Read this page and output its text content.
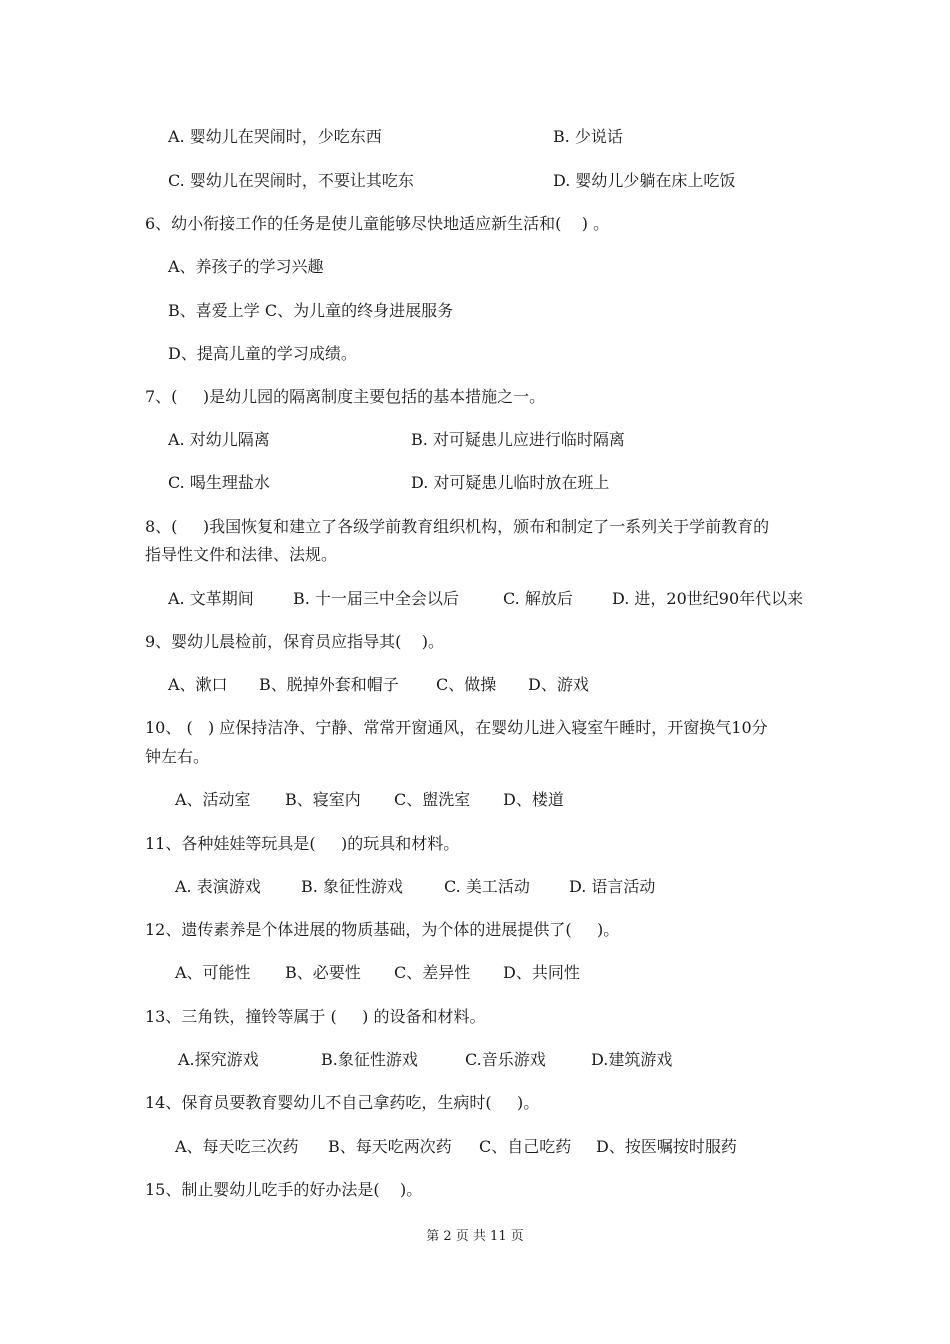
A. 婴幼儿在哭闹时，少吃东西	B. 少说话
C. 婴幼儿在哭闹时，不要让其吃东	D. 婴幼儿少躺在床上吃饭
6、幼小衔接工作的任务是使儿童能够尽快地适应新生活和(    ) 。
A、养孩子的学习兴趣
B、喜爱上学 C、为儿童的终身进展服务
D、提高儿童的学习成绩。
7、(     )是幼儿园的隔离制度主要包括的基本措施之一。
A. 对幼儿隔离	B. 对可疑患儿应进行临时隔离
C. 喝生理盐水	D. 对可疑患儿临时放在班上
8、(     )我国恢复和建立了各级学前教育组织机构，颁布和制定了一系列关于学前教育的
指导性文件和法律、法规。
A. 文革期间 B. 十一届三中全会以后	C. 解放后 D. 进，20世纪90年代以来
9、婴幼儿晨检前，保育员应指导其(    )。
A、漱口 B、脱掉外套和帽子 C、做操 D、游戏
10、 (   ) 应保持洁净、宁静、常常开窗通风，在婴幼儿进入寝室午睡时，开窗换气10分
钟左右。
A、活动室 B、寝室内 C、盥洗室 D、楼道
11、各种娃娃等玩具是(     )的玩具和材料。
A. 表演游戏	B. 象征性游戏	C. 美工活动 D. 语言活动
12、遗传素养是个体进展的物质基础，为个体的进展提供了(     )。
A、可能性 B、必要性 C、差异性 D、共同性
13、三角铁，撞铃等属于 (     ) 的设备和材料。
A.探究游戏	B.象征性游戏	C.音乐游戏	D.建筑游戏
14、保育员要教育婴幼儿不自己拿药吃，生病时(     )。
A、每天吃三次药 B、每天吃两次药 C、自己吃药 D、按医嘱按时服药
15、制止婴幼儿吃手的好办法是(    )。
第 2 页 共 11 页
